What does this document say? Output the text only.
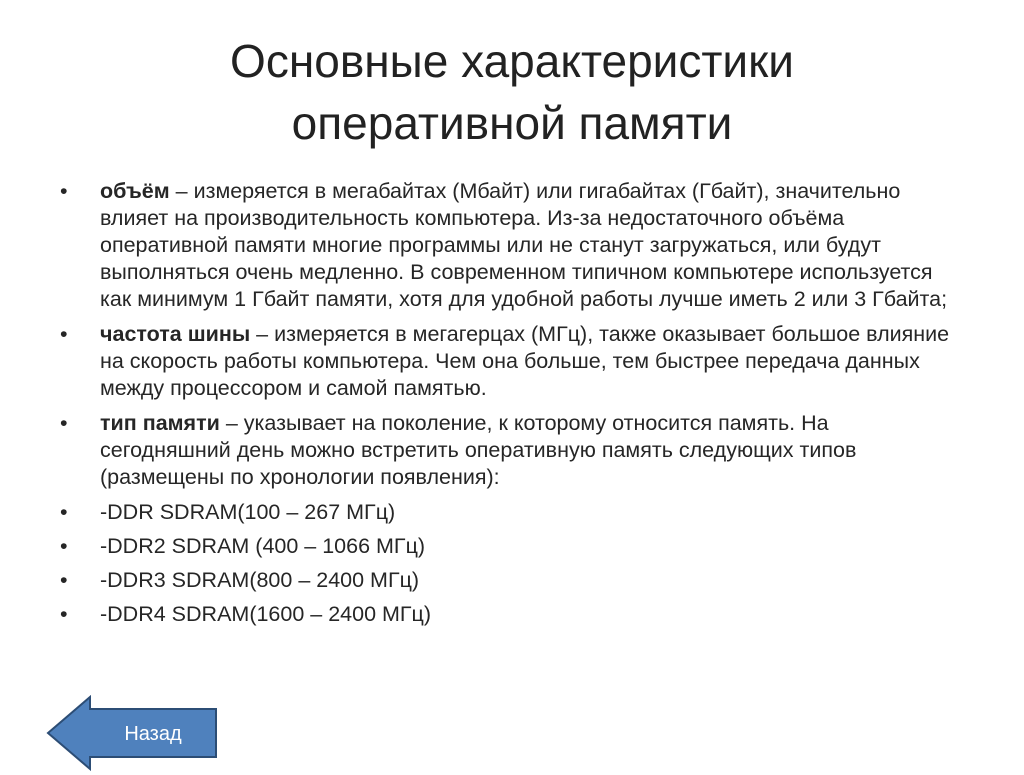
Основные характеристики
оперативной памяти
•	объём – измеряется в мегабайтах (Мбайт) или гигабайтах (Гбайт), значительно влияет на производительность компьютера. Из-за недостаточного объёма оперативной памяти многие программы или не станут загружаться, или будут выполняться очень медленно. В современном типичном компьютере используется как минимум 1 Гбайт памяти, хотя для удобной работы лучше иметь 2 или 3 Гбайта;
•	частота шины – измеряется в мегагерцах (МГц), также оказывает большое влияние на скорость работы компьютера. Чем она больше, тем быстрее передача данных между процессором и самой памятью.
•	тип памяти – указывает на поколение, к которому относится память. На сегодняшний день можно встретить оперативную память следующих типов (размещены по хронологии появления):
•	-DDR SDRAM(100 – 267 МГц)
•	-DDR2 SDRAM (400 – 1066 МГц)
•	-DDR3 SDRAM(800 – 2400 МГц)
•	-DDR4 SDRAM(1600 – 2400 МГц)
Назад
